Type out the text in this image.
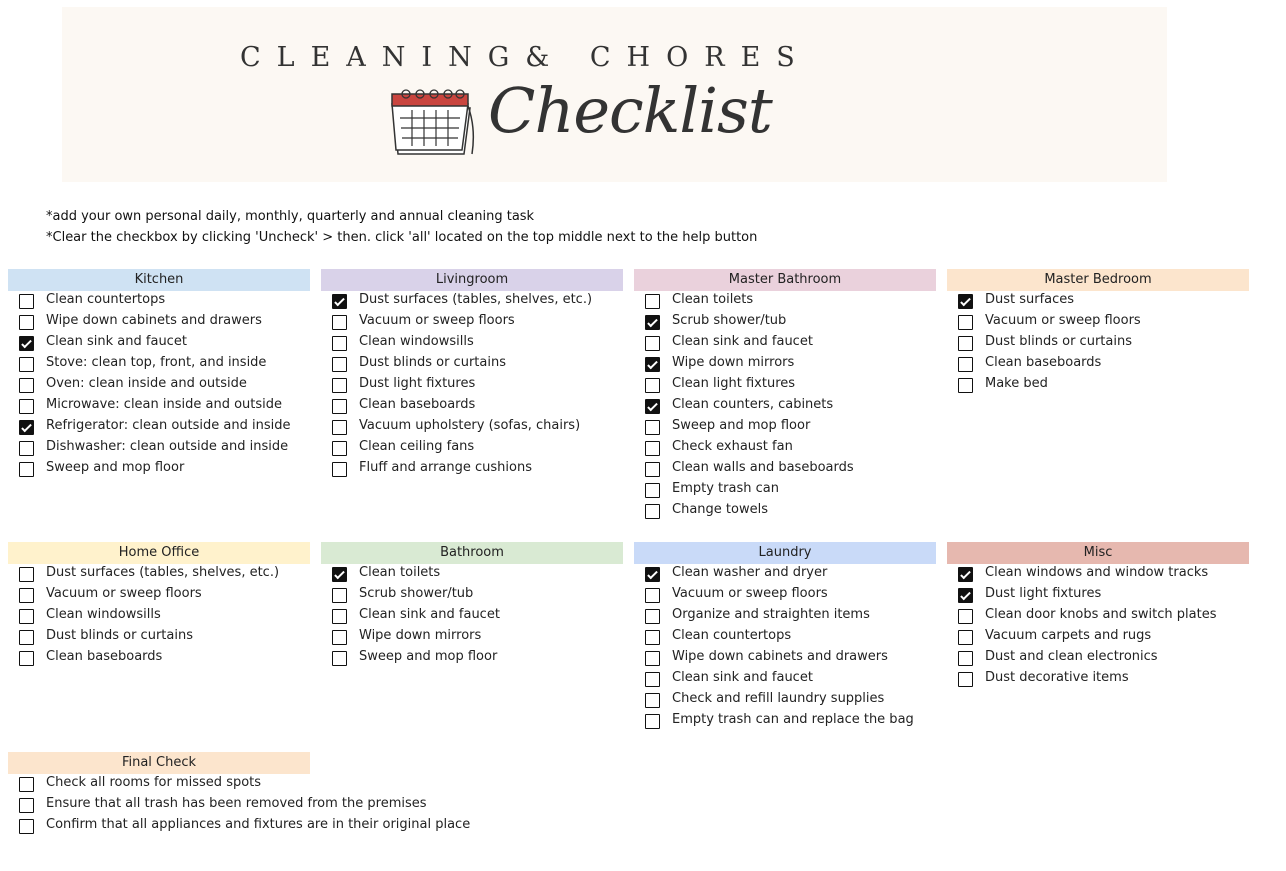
CLEANING& CHORES
Checklist
*add your own personal daily, monthly, quarterly and annual cleaning task
*Clear the checkbox by clicking 'Uncheck' > then. click 'all' located on the top middle next to the help button
Kitchen
Clean countertops
Wipe down cabinets and drawers
Clean sink and faucet
Stove: clean top, front, and inside
Oven: clean inside and outside
Microwave: clean inside and outside
Refrigerator: clean outside and inside
Dishwasher: clean outside and inside
Sweep and mop floor
Livingroom
Dust surfaces (tables, shelves, etc.)
Vacuum or sweep floors
Clean windowsills
Dust blinds or curtains
Dust light fixtures
Clean baseboards
Vacuum upholstery (sofas, chairs)
Clean ceiling fans
Fluff and arrange cushions
Master Bathroom
Clean toilets
Scrub shower/tub
Clean sink and faucet
Wipe down mirrors
Clean light fixtures
Clean counters, cabinets
Sweep and mop floor
Check exhaust fan
Clean walls and baseboards
Empty trash can
Change towels
Master Bedroom
Dust surfaces
Vacuum or sweep floors
Dust blinds or curtains
Clean baseboards
Make bed
Home Office
Dust surfaces (tables, shelves, etc.)
Vacuum or sweep floors
Clean windowsills
Dust blinds or curtains
Clean baseboards
Bathroom
Clean toilets
Scrub shower/tub
Clean sink and faucet
Wipe down mirrors
Sweep and mop floor
Laundry
Clean washer and dryer
Vacuum or sweep floors
Organize and straighten items
Clean countertops
Wipe down cabinets and drawers
Clean sink and faucet
Check and refill laundry supplies
Empty trash can and replace the bag
Misc
Clean windows and window tracks
Dust light fixtures
Clean door knobs and switch plates
Vacuum carpets and rugs
Dust and clean electronics
Dust decorative items
Final Check
Check all rooms for missed spots
Ensure that all trash has been removed from the premises
Confirm that all appliances and fixtures are in their original place
